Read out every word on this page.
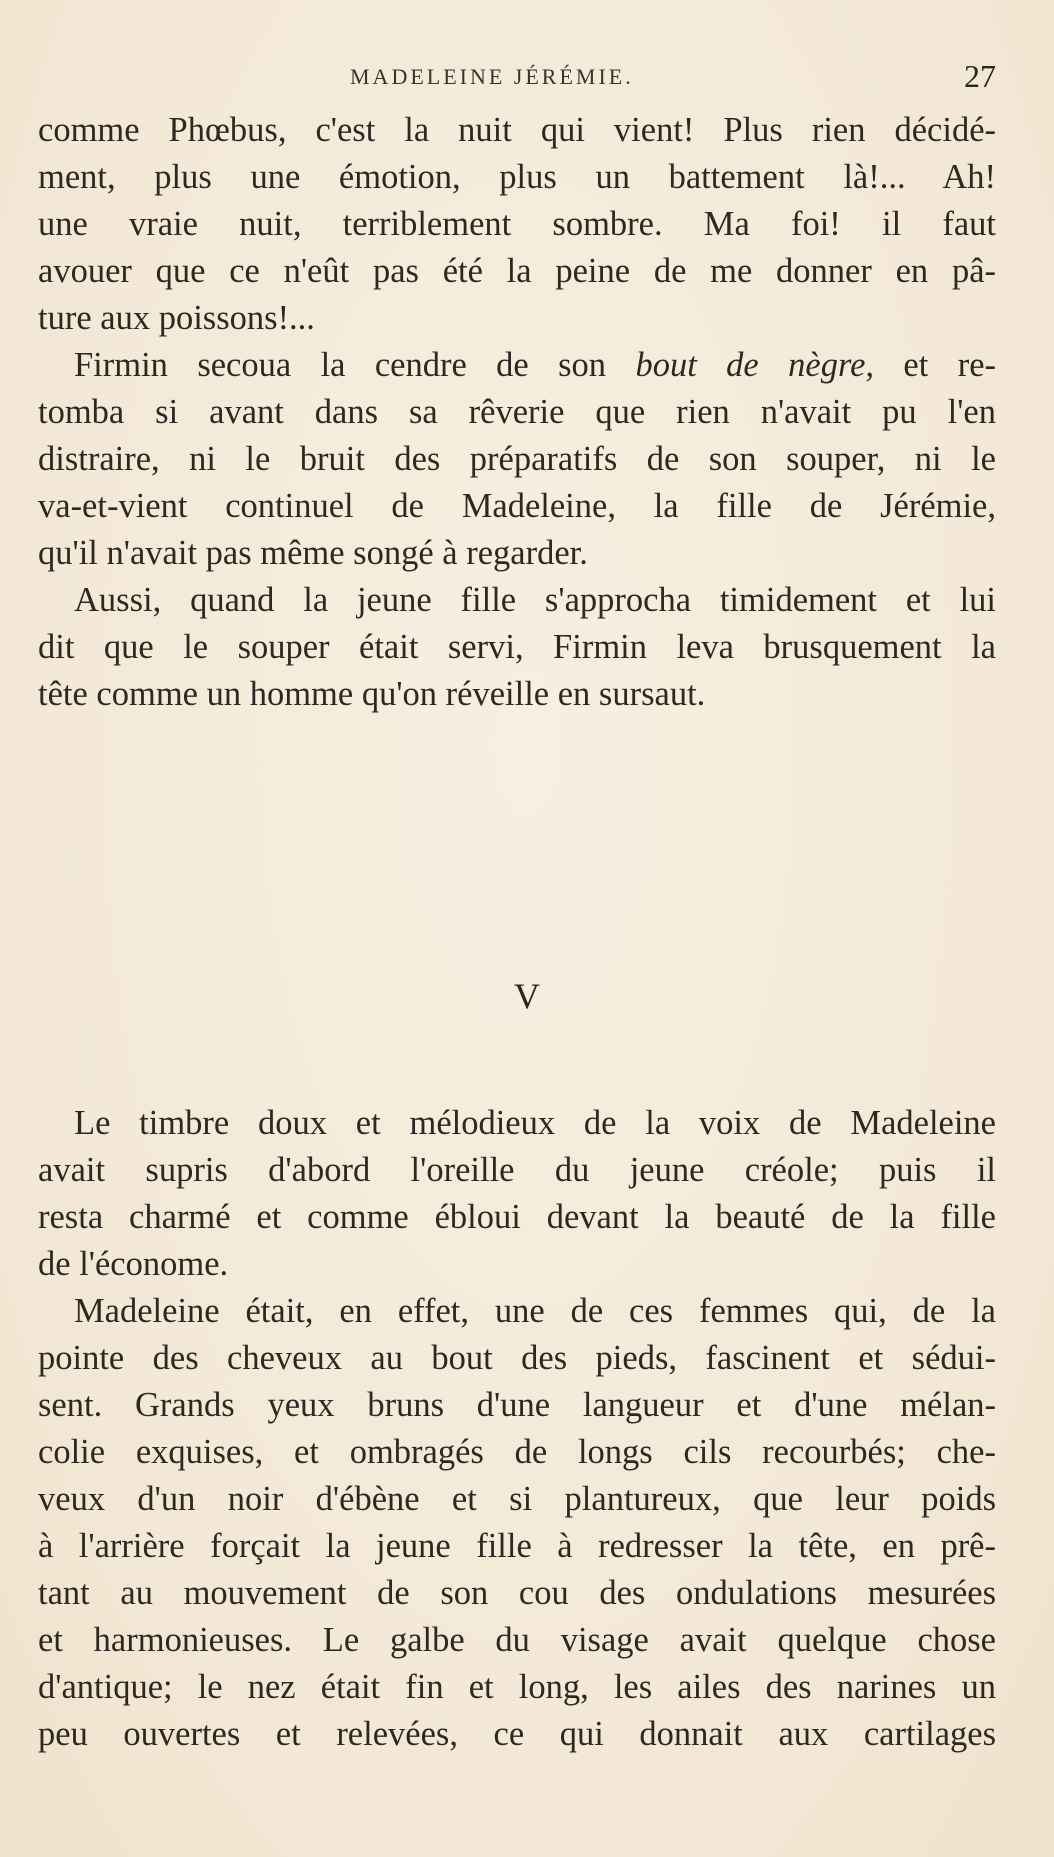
MADELEINE JÉRÉMIE.	27
comme Phœbus, c'est la nuit qui vient! Plus rien décidé-
ment, plus une émotion, plus un battement là!... Ah!
une vraie nuit, terriblement sombre. Ma foi! il faut
avouer que ce n'eût pas été la peine de me donner en pâ-
ture aux poissons!...
Firmin secoua la cendre de son bout de nègre, et re-
tomba si avant dans sa rêverie que rien n'avait pu l'en
distraire, ni le bruit des préparatifs de son souper, ni le
va-et-vient continuel de Madeleine, la fille de Jérémie,
qu'il n'avait pas même songé à regarder.
Aussi, quand la jeune fille s'approcha timidement et lui
dit que le souper était servi, Firmin leva brusquement la
tête comme un homme qu'on réveille en sursaut.
V
Le timbre doux et mélodieux de la voix de Madeleine
avait supris d'abord l'oreille du jeune créole; puis il
resta charmé et comme ébloui devant la beauté de la fille
de l'économe.
Madeleine était, en effet, une de ces femmes qui, de la
pointe des cheveux au bout des pieds, fascinent et sédui-
sent. Grands yeux bruns d'une langueur et d'une mélan-
colie exquises, et ombragés de longs cils recourbés; che-
veux d'un noir d'ébène et si plantureux, que leur poids
à l'arrière forçait la jeune fille à redresser la tête, en prê-
tant au mouvement de son cou des ondulations mesurées
et harmonieuses. Le galbe du visage avait quelque chose
d'antique; le nez était fin et long, les ailes des narines un
peu ouvertes et relevées, ce qui donnait aux cartilages
